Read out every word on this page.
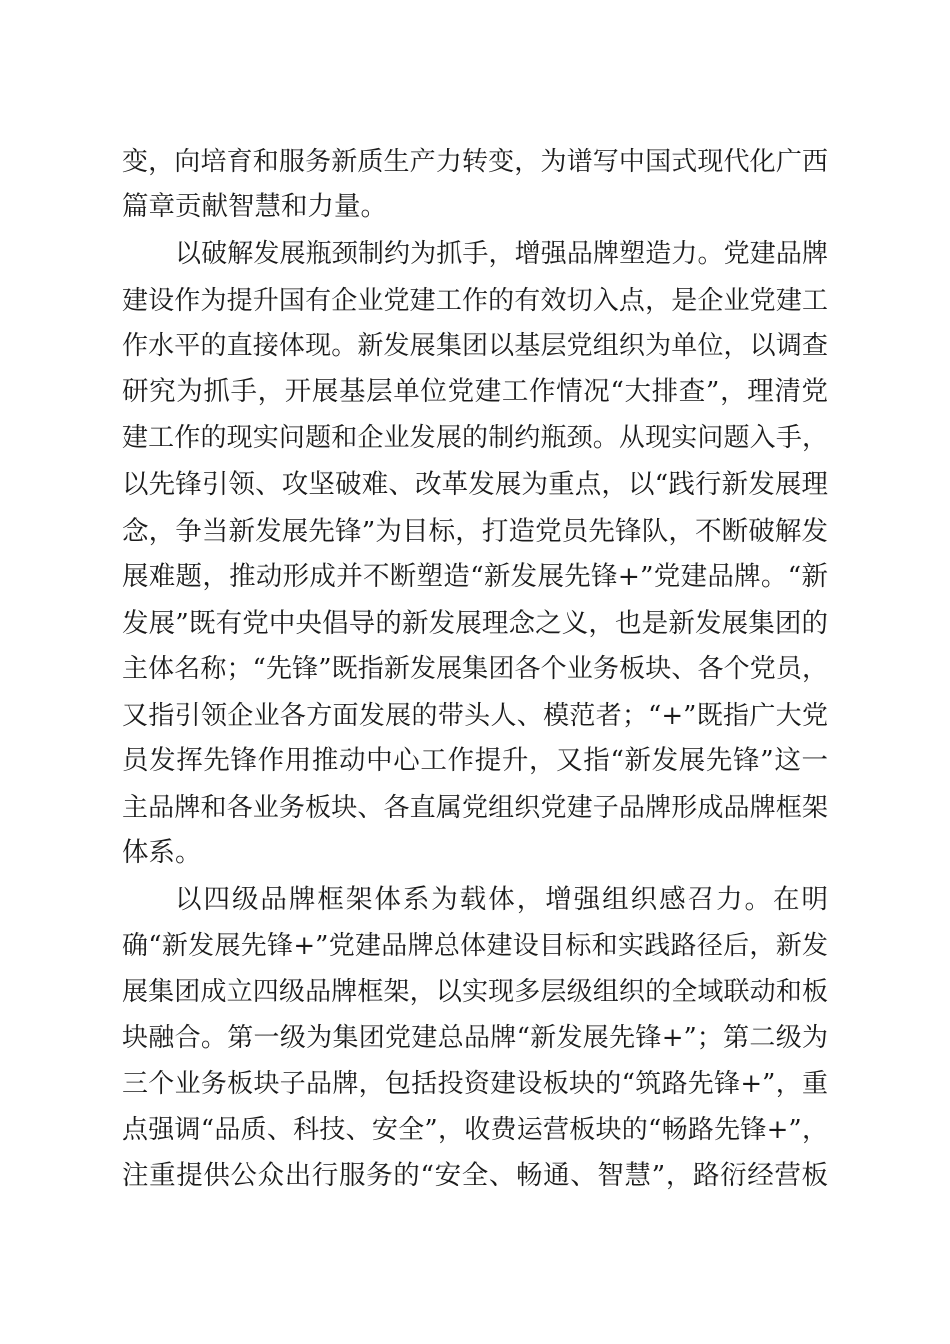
变，向培育和服务新质生产力转变，为谱写中国式现代化广西
篇章贡献智慧和力量。
以破解发展瓶颈制约为抓手，增强品牌塑造力。党建品牌
建设作为提升国有企业党建工作的有效切入点，是企业党建工
作水平的直接体现。新发展集团以基层党组织为单位，以调查
研究为抓手，开展基层单位党建工作情况“大排查”，理清党
建工作的现实问题和企业发展的制约瓶颈。从现实问题入手，
以先锋引领、攻坚破难、改革发展为重点，以“践行新发展理
念，争当新发展先锋”为目标，打造党员先锋队，不断破解发
展难题，推动形成并不断塑造“新发展先锋+”党建品牌。“新
发展”既有党中央倡导的新发展理念之义，也是新发展集团的
主体名称；“先锋”既指新发展集团各个业务板块、各个党员，
又指引领企业各方面发展的带头人、模范者；“+”既指广大党
员发挥先锋作用推动中心工作提升，又指“新发展先锋”这一
主品牌和各业务板块、各直属党组织党建子品牌形成品牌框架
体系。
以四级品牌框架体系为载体，增强组织感召力。在明
确“新发展先锋+”党建品牌总体建设目标和实践路径后，新发
展集团成立四级品牌框架，以实现多层级组织的全域联动和板
块融合。第一级为集团党建总品牌“新发展先锋+”；第二级为
三个业务板块子品牌，包括投资建设板块的“筑路先锋+”，重
点强调“品质、科技、安全”，收费运营板块的“畅路先锋+”，
注重提供公众出行服务的“安全、畅通、智慧”，路衍经营板
